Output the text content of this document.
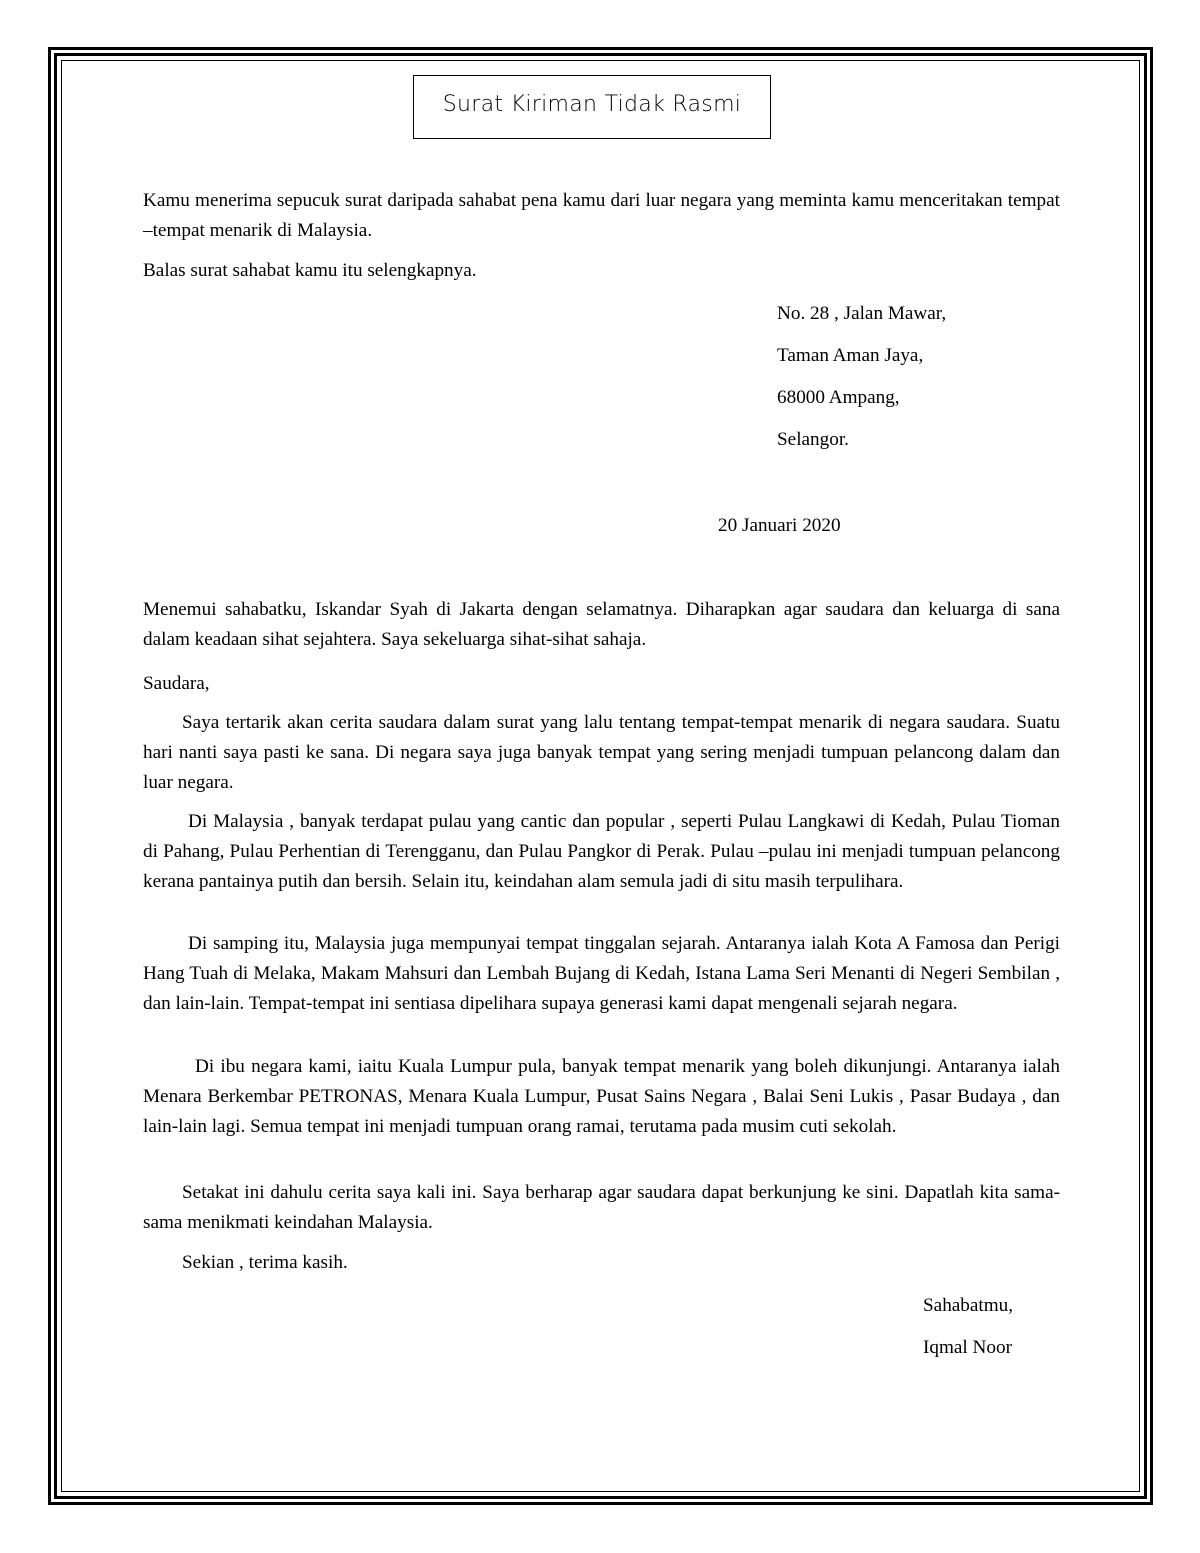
Surat Kiriman Tidak Rasmi

Kamu menerima sepucuk surat daripada sahabat pena kamu dari luar negara yang meminta kamu menceritakan tempat –tempat menarik di Malaysia.

Balas surat sahabat kamu itu selengkapnya.

No. 28 , Jalan Mawar,
Taman Aman Jaya,
68000 Ampang,
Selangor.
20 Januari 2020

Menemui sahabatku, Iskandar Syah di Jakarta dengan selamatnya. Diharapkan agar saudara dan keluarga di sana dalam keadaan sihat sejahtera. Saya sekeluarga sihat-sihat sahaja.

Saudara,

Saya tertarik akan cerita saudara dalam surat yang lalu tentang tempat-tempat menarik di negara saudara. Suatu hari nanti saya pasti ke sana. Di negara saya juga banyak tempat yang sering menjadi tumpuan pelancong dalam dan luar negara.

Di Malaysia , banyak terdapat pulau yang cantic dan popular , seperti Pulau Langkawi di Kedah, Pulau Tioman di Pahang, Pulau Perhentian di Terengganu, dan Pulau Pangkor di Perak. Pulau –pulau ini menjadi tumpuan pelancong kerana pantainya putih dan bersih. Selain itu, keindahan alam semula jadi di situ masih terpulihara.

Di samping itu, Malaysia juga mempunyai tempat tinggalan sejarah. Antaranya ialah Kota A Famosa dan Perigi Hang Tuah di Melaka, Makam Mahsuri dan Lembah Bujang di Kedah, Istana Lama Seri Menanti di Negeri Sembilan , dan lain-lain. Tempat-tempat ini sentiasa dipelihara supaya generasi kami dapat mengenali sejarah negara.

Di ibu negara kami, iaitu Kuala Lumpur pula, banyak tempat menarik yang boleh dikunjungi. Antaranya ialah Menara Berkembar PETRONAS, Menara Kuala Lumpur, Pusat Sains Negara , Balai Seni Lukis , Pasar Budaya , dan lain-lain lagi. Semua tempat ini menjadi tumpuan orang ramai, terutama pada musim cuti sekolah.

Setakat ini dahulu cerita saya kali ini. Saya berharap agar saudara dapat berkunjung ke sini. Dapatlah kita sama-sama menikmati keindahan Malaysia.

Sekian , terima kasih.

Sahabatmu,
Iqmal Noor
